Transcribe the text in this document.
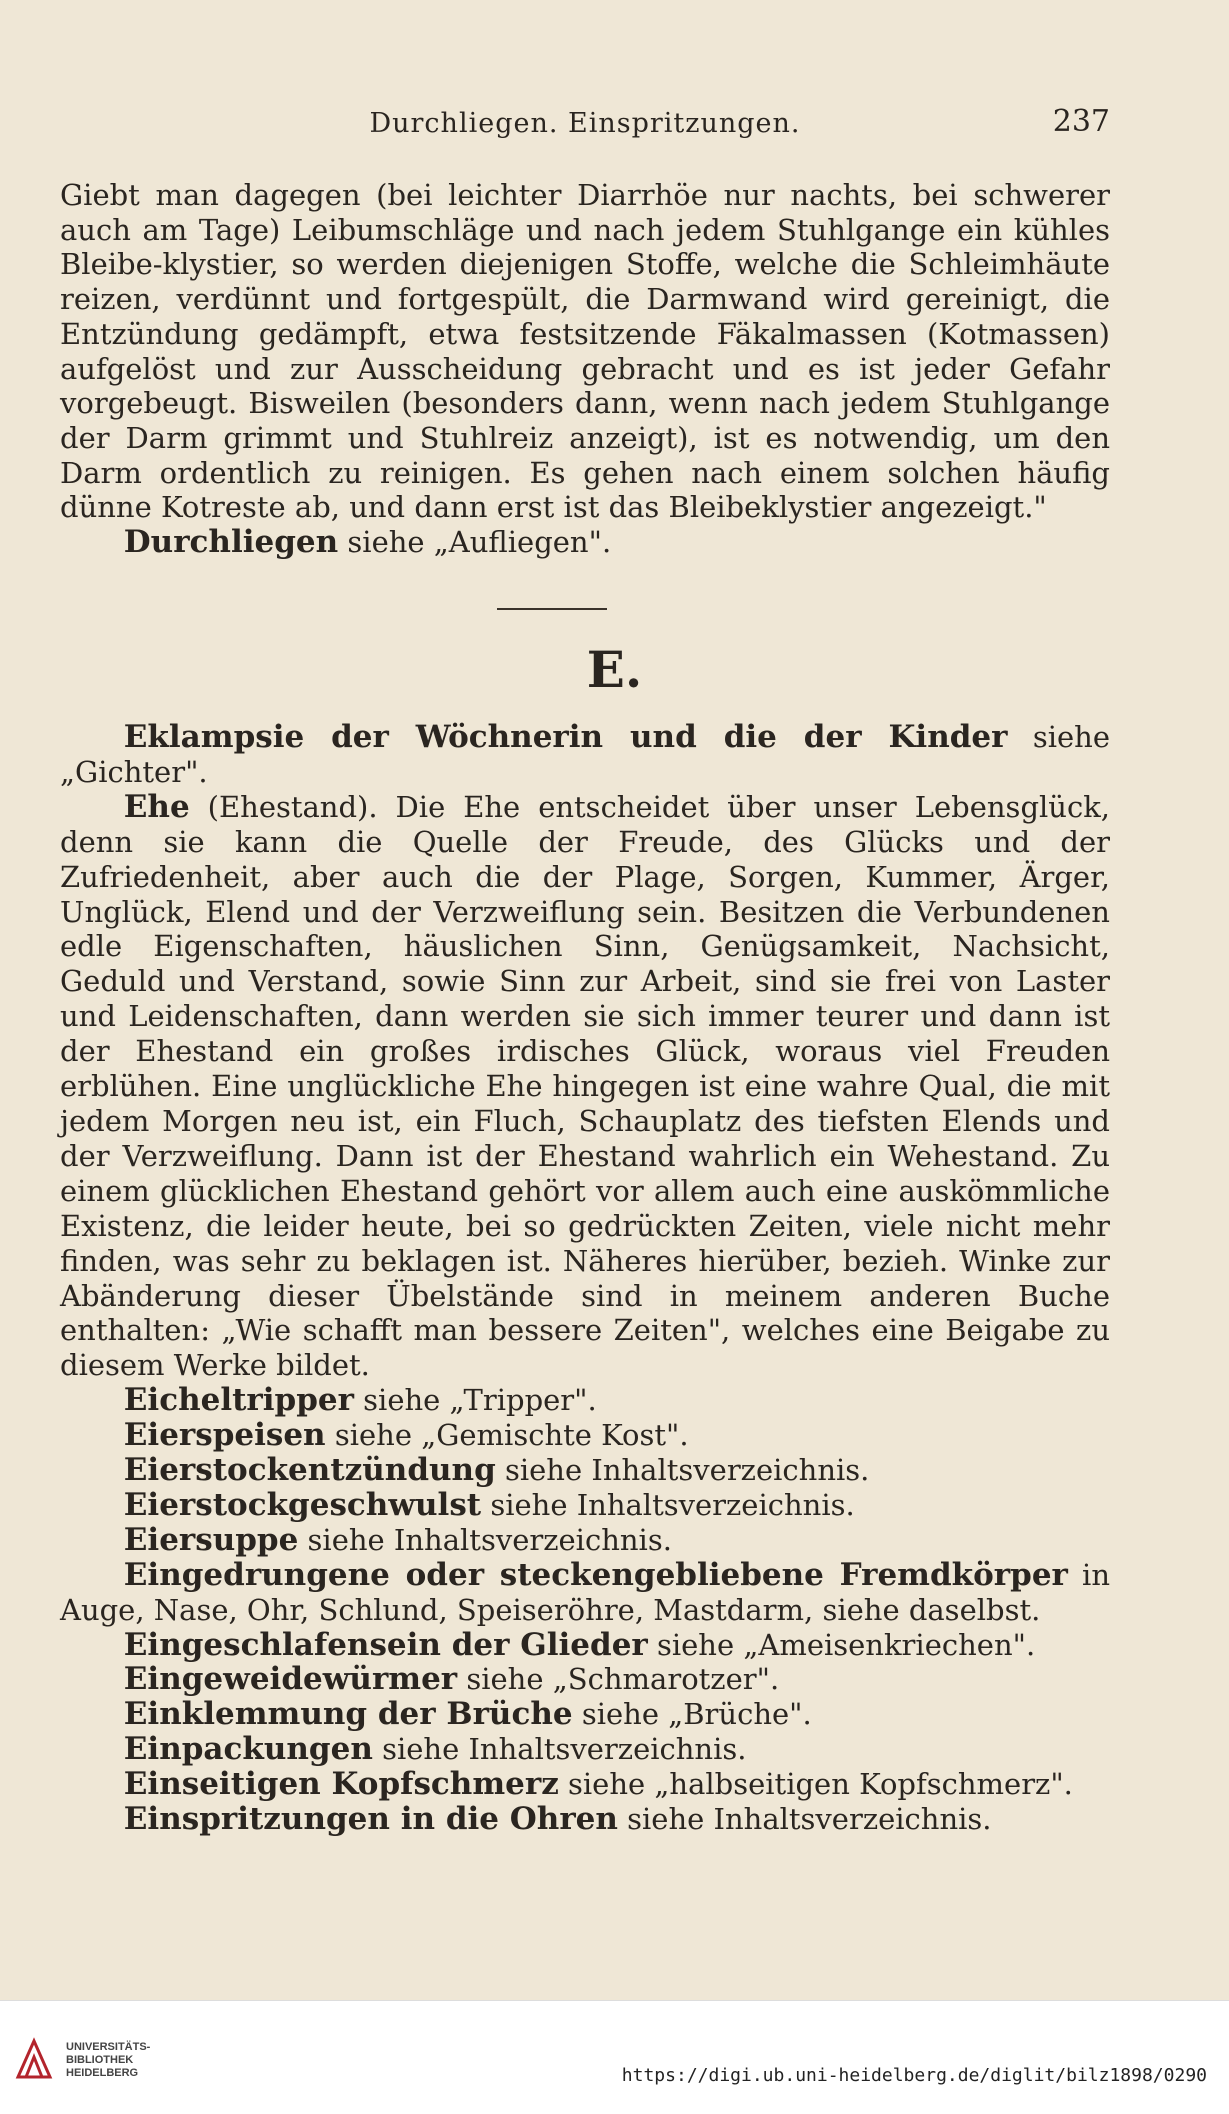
Durchliegen. Einspritzungen.	237

Giebt man dagegen (bei leichter Diarrhöe nur nachts, bei schwerer auch am Tage) Leibumschläge und nach jedem Stuhlgange ein kühles Bleibe-klystier, so werden diejenigen Stoffe, welche die Schleimhäute reizen, verdünnt und fortgespült, die Darmwand wird gereinigt, die Entzündung gedämpft, etwa festsitzende Fäkalmassen (Kotmassen) aufgelöst und zur Ausscheidung gebracht und es ist jeder Gefahr vorgebeugt. Bisweilen (besonders dann, wenn nach jedem Stuhlgange der Darm grimmt und Stuhlreiz anzeigt), ist es notwendig, um den Darm ordentlich zu reinigen. Es gehen nach einem solchen häufig dünne Kotreste ab, und dann erst ist das Bleibeklystier angezeigt."

Durchliegen siehe „Aufliegen".

E.

Eklampsie der Wöchnerin und die der Kinder siehe „Gichter".

Ehe (Ehestand). Die Ehe entscheidet über unser Lebensglück, denn sie kann die Quelle der Freude, des Glücks und der Zufriedenheit, aber auch die der Plage, Sorgen, Kummer, Ärger, Unglück, Elend und der Verzweiflung sein. Besitzen die Verbundenen edle Eigenschaften, häuslichen Sinn, Genügsamkeit, Nachsicht, Geduld und Verstand, sowie Sinn zur Arbeit, sind sie frei von Laster und Leidenschaften, dann werden sie sich immer teurer und dann ist der Ehestand ein großes irdisches Glück, woraus viel Freuden erblühen. Eine unglückliche Ehe hingegen ist eine wahre Qual, die mit jedem Morgen neu ist, ein Fluch, Schauplatz des tiefsten Elends und der Verzweiflung. Dann ist der Ehestand wahrlich ein Wehestand. Zu einem glücklichen Ehestand gehört vor allem auch eine auskömmliche Existenz, die leider heute, bei so gedrückten Zeiten, viele nicht mehr finden, was sehr zu beklagen ist. Näheres hierüber, bezieh. Winke zur Abänderung dieser Übelstände sind in meinem anderen Buche enthalten: „Wie schafft man bessere Zeiten", welches eine Beigabe zu diesem Werke bildet.

Eicheltripper siehe „Tripper".

Eierspeisen siehe „Gemischte Kost".

Eierstockentzündung siehe Inhaltsverzeichnis.

Eierstockgeschwulst siehe Inhaltsverzeichnis.

Eiersuppe siehe Inhaltsverzeichnis.

Eingedrungene oder steckengebliebene Fremdkörper in Auge, Nase, Ohr, Schlund, Speiseröhre, Mastdarm, siehe daselbst.

Eingeschlafensein der Glieder siehe „Ameisenkriechen".

Eingeweidewürmer siehe „Schmarotzer".

Einklemmung der Brüche siehe „Brüche".

Einpackungen siehe Inhaltsverzeichnis.

Einseitigen Kopfschmerz siehe „halbseitigen Kopfschmerz".

Einspritzungen in die Ohren siehe Inhaltsverzeichnis.

UNIVERSITÄTS-
BIBLIOTHEK
HEIDELBERG	https://digi.ub.uni-heidelberg.de/diglit/bilz1898/0290
